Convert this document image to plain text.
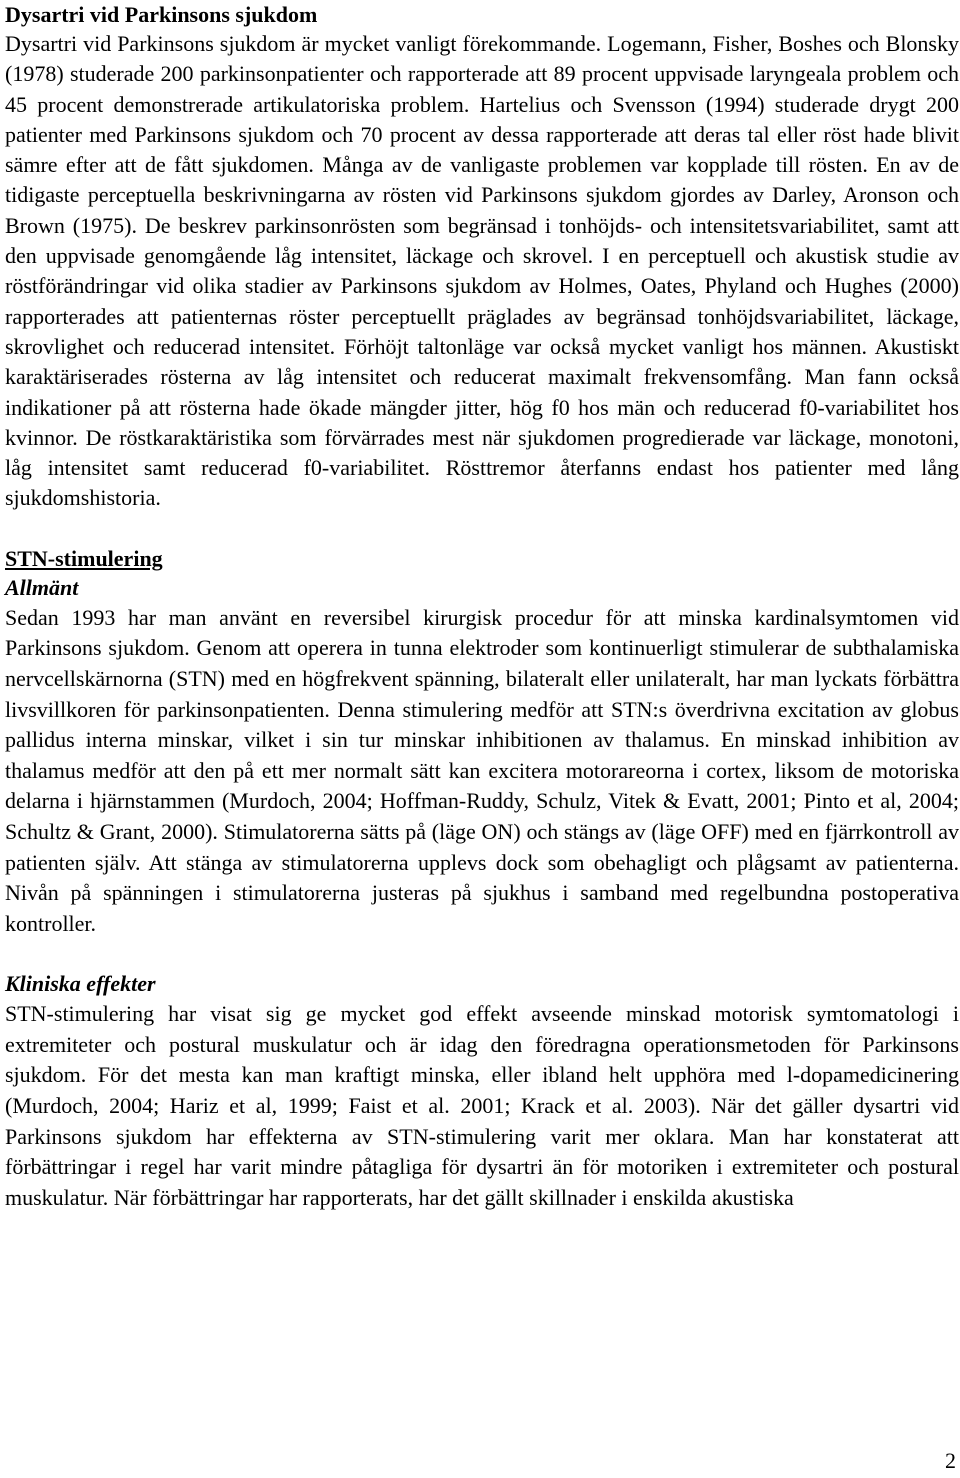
Dysartri vid Parkinsons sjukdom

Dysartri vid Parkinsons sjukdom är mycket vanligt förekommande. Logemann, Fisher, Boshes och Blonsky (1978) studerade 200 parkinsonpatienter och rapporterade att 89 procent uppvisade laryngeala problem och 45 procent demonstrerade artikulatoriska problem. Hartelius och Svensson (1994) studerade drygt 200 patienter med Parkinsons sjukdom och 70 procent av dessa rapporterade att deras tal eller röst hade blivit sämre efter att de fått sjukdomen. Många av de vanligaste problemen var kopplade till rösten. En av de tidigaste perceptuella beskrivningarna av rösten vid Parkinsons sjukdom gjordes av Darley, Aronson och Brown (1975). De beskrev parkinsonrösten som begränsad i tonhöjds- och intensitetsvariabilitet, samt att den uppvisade genomgående låg intensitet, läckage och skrovel. I en perceptuell och akustisk studie av röstförändringar vid olika stadier av Parkinsons sjukdom av Holmes, Oates, Phyland och Hughes (2000) rapporterades att patienternas röster perceptuellt präglades av begränsad tonhöjdsvariabilitet, läckage, skrovlighet och reducerad intensitet. Förhöjt taltonläge var också mycket vanligt hos männen. Akustiskt karaktäriserades rösterna av låg intensitet och reducerat maximalt frekvensomfång. Man fann också indikationer på att rösterna hade ökade mängder jitter, hög f0 hos män och reducerad f0-variabilitet hos kvinnor. De röstkaraktäristika som förvärrades mest när sjukdomen progredierade var läckage, monotoni, låg intensitet samt reducerad f0-variabilitet. Rösttremor återfanns endast hos patienter med lång sjukdomshistoria.

STN-stimulering
Allmänt

Sedan 1993 har man använt en reversibel kirurgisk procedur för att minska kardinalsymtomen vid Parkinsons sjukdom. Genom att operera in tunna elektroder som kontinuerligt stimulerar de subthalamiska nervcellskärnorna (STN) med en högfrekvent spänning, bilateralt eller unilateralt, har man lyckats förbättra livsvillkoren för parkinsonpatienten. Denna stimulering medför att STN:s överdrivna excitation av globus pallidus interna minskar, vilket i sin tur minskar inhibitionen av thalamus. En minskad inhibition av thalamus medför att den på ett mer normalt sätt kan excitera motorareorna i cortex, liksom de motoriska delarna i hjärnstammen (Murdoch, 2004; Hoffman-Ruddy, Schulz, Vitek & Evatt, 2001; Pinto et al, 2004; Schultz & Grant, 2000). Stimulatorerna sätts på (läge ON) och stängs av (läge OFF) med en fjärrkontroll av patienten själv. Att stänga av stimulatorerna upplevs dock som obehagligt och plågsamt av patienterna. Nivån på spänningen i stimulatorerna justeras på sjukhus i samband med regelbundna postoperativa kontroller.

Kliniska effekter

STN-stimulering har visat sig ge mycket god effekt avseende minskad motorisk symtomatologi i extremiteter och postural muskulatur och är idag den föredragna operationsmetoden för Parkinsons sjukdom. För det mesta kan man kraftigt minska, eller ibland helt upphöra med l-dopamedicinering (Murdoch, 2004; Hariz et al, 1999; Faist et al. 2001; Krack et al. 2003). När det gäller dysartri vid Parkinsons sjukdom har effekterna av STN-stimulering varit mer oklara. Man har konstaterat att förbättringar i regel har varit mindre påtagliga för dysartri än för motoriken i extremiteter och postural muskulatur. När förbättringar har rapporterats, har det gällt skillnader i enskilda akustiska

2
